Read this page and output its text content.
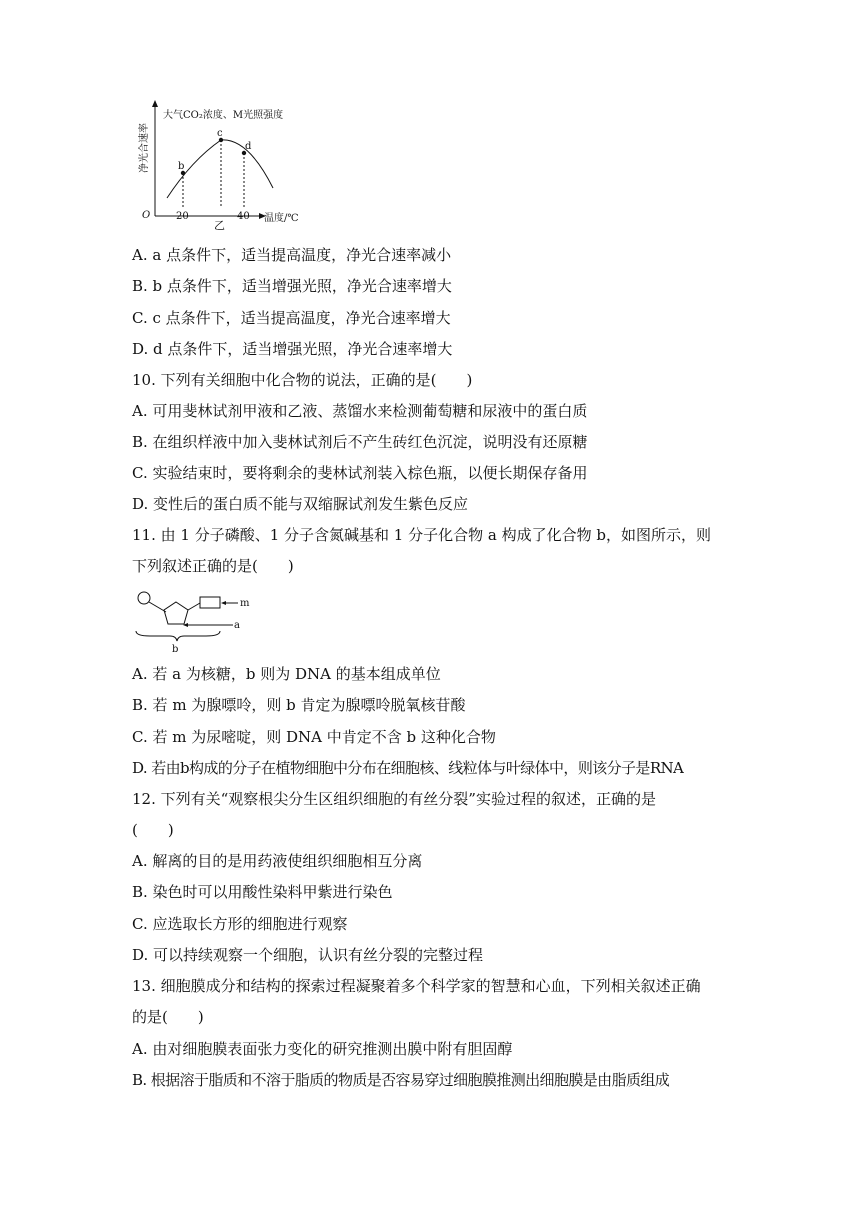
b
c
d
大气CO₂浓度、M光照强度
净光合速率
O	20	40 温度/℃
乙
A. a 点条件下，适当提高温度，净光合速率减小
B. b 点条件下，适当增强光照，净光合速率增大
C. c 点条件下，适当提高温度，净光合速率增大
D. d 点条件下，适当增强光照，净光合速率增大
10. 下列有关细胞中化合物的说法，正确的是(　　)
A. 可用斐林试剂甲液和乙液、蒸馏水来检测葡萄糖和尿液中的蛋白质
B. 在组织样液中加入斐林试剂后不产生砖红色沉淀，说明没有还原糖
C. 实验结束时，要将剩余的斐林试剂装入棕色瓶，以便长期保存备用
D. 变性后的蛋白质不能与双缩脲试剂发生紫色反应
11. 由 1 分子磷酸、1 分子含氮碱基和 1 分子化合物 a 构成了化合物 b，如图所示，则
下列叙述正确的是(　　)
m
a
b
A. 若 a 为核糖，b 则为 DNA 的基本组成单位
B. 若 m 为腺嘌呤，则 b 肯定为腺嘌呤脱氧核苷酸
C. 若 m 为尿嘧啶，则 DNA 中肯定不含 b 这种化合物
D. 若由b构成的分子在植物细胞中分布在细胞核、线粒体与叶绿体中，则该分子是RNA
12. 下列有关“观察根尖分生区组织细胞的有丝分裂”实验过程的叙述，正确的是
(　　)
A. 解离的目的是用药液使组织细胞相互分离
B. 染色时可以用酸性染料甲紫进行染色
C. 应选取长方形的细胞进行观察
D. 可以持续观察一个细胞，认识有丝分裂的完整过程
13. 细胞膜成分和结构的探索过程凝聚着多个科学家的智慧和心血，下列相关叙述正确
的是(　　)
A. 由对细胞膜表面张力变化的研究推测出膜中附有胆固醇
B. 根据溶于脂质和不溶于脂质的物质是否容易穿过细胞膜推测出细胞膜是由脂质组成
